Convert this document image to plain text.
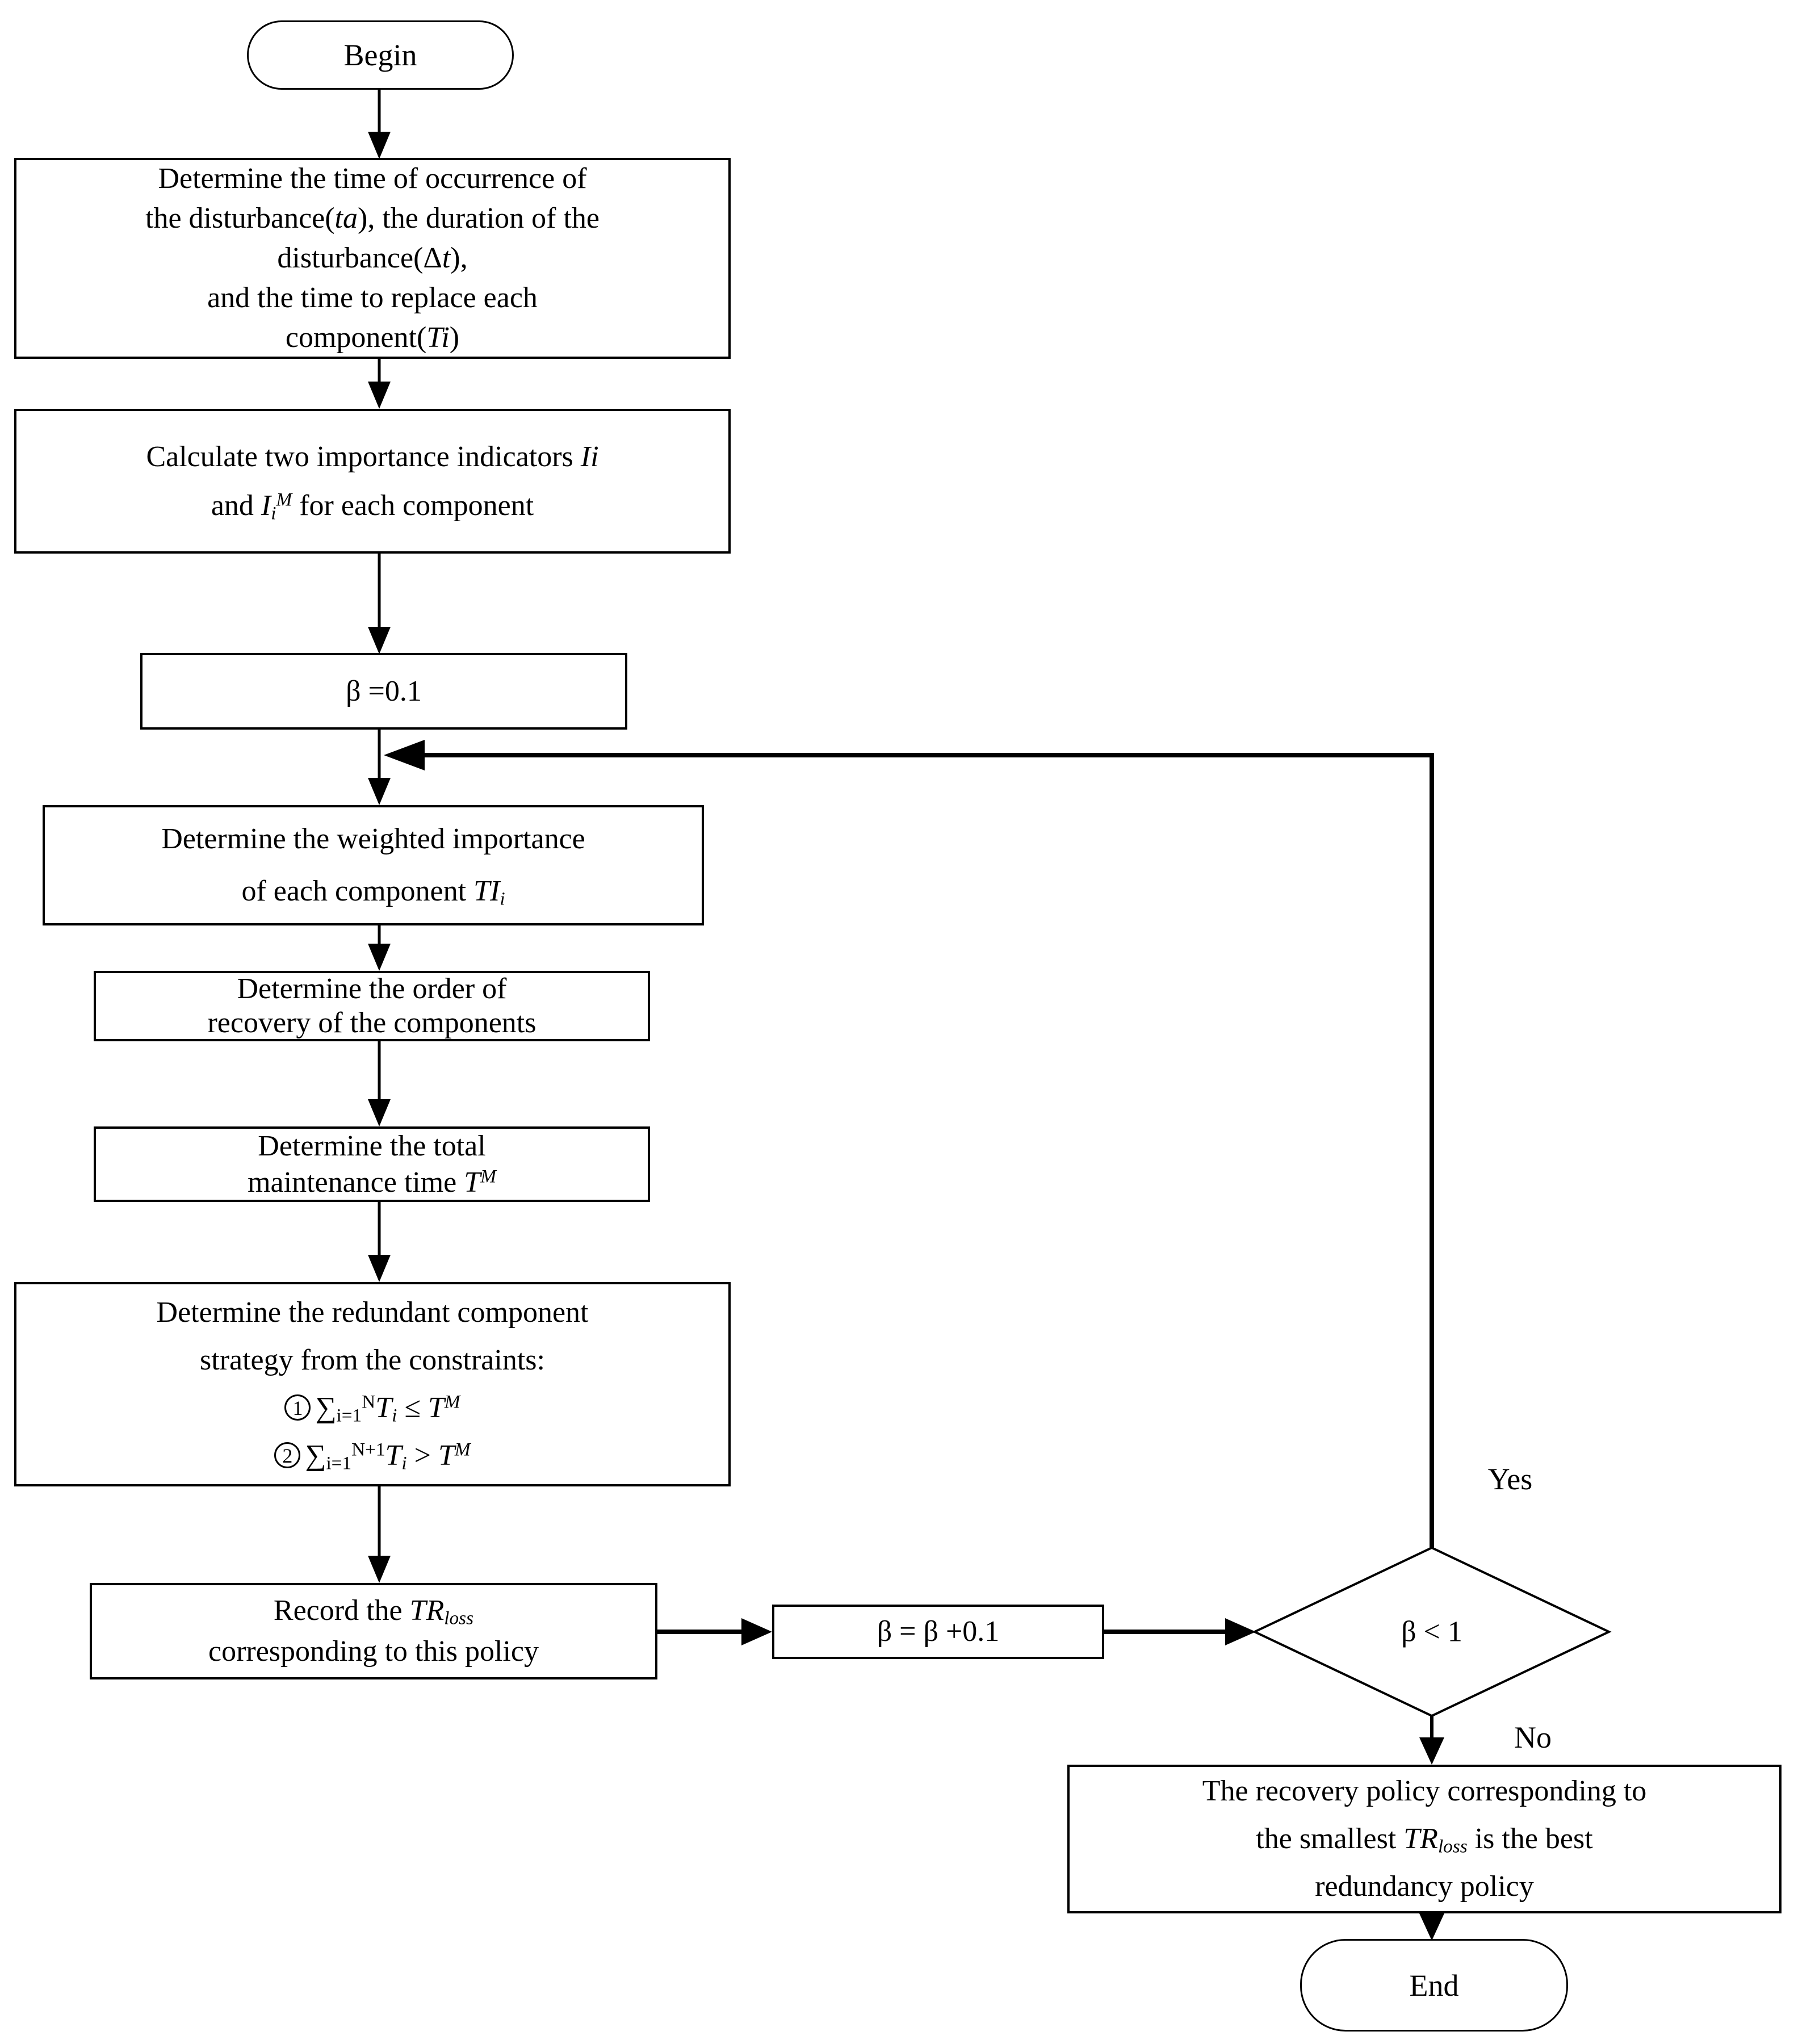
Begin
Determine the time of occurrence of
the disturbance(ta), the duration of the
disturbance(Δt),
and the time to replace each
component(Ti)
Calculate two importance indicators Ii
and $I_i^M$ for each component
β =0.1
Determine the weighted importance
of each component $TI_i$
Determine the order of
recovery of the components
Determine the total
maintenance time $T^M$
Determine the redundant component
strategy from the constraints:
1 $\sum_{i=1}^NT_i \le T^M$
2 $\sum_{i=1}^{N+1}T_i > T^M$
Record the $TR_{loss}$
corresponding to this policy
β = β +0.1	β < 1
Yes
No
The recovery policy corresponding to
the smallest $TR_{loss}$ is the best
redundancy policy
End
